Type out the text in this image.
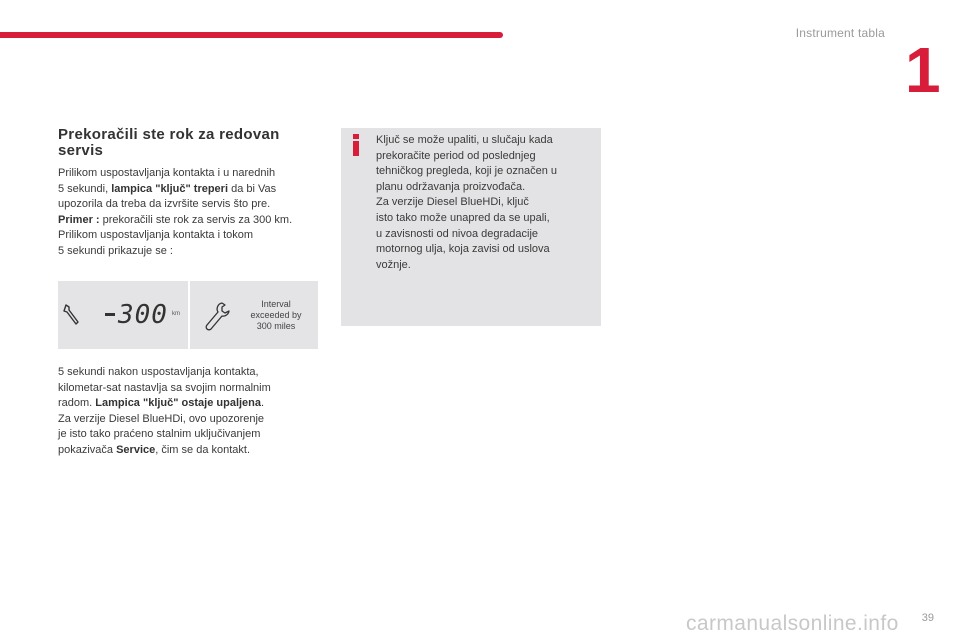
Instrument tabla
1
Prekoračili ste rok za redovan servis
Prilikom uspostavljanja kontakta i u narednih
5 sekundi, lampica "ključ" treperi da bi Vas
upozorila da treba da izvršite servis što pre.
Primer : prekoračili ste rok za servis za 300 km.
Prilikom uspostavljanja kontakta i tokom
5 sekundi prikazuje se :
300 km
Interval
exceeded by
300 miles
5 sekundi nakon uspostavljanja kontakta,
kilometar-sat nastavlja sa svojim normalnim
radom. Lampica "ključ" ostaje upaljena.
Za verzije Diesel BlueHDi, ovo upozorenje
je isto tako praćeno stalnim uključivanjem
pokazivača Service, čim se da kontakt.
Ključ se može upaliti, u slučaju kada
prekoračite period od poslednjeg
tehničkog pregleda, koji je označen u
planu održavanja proizvođača.
Za verzije Diesel BlueHDi, ključ
isto tako može unapred da se upali,
u zavisnosti od nivoa degradacije
motornog ulja, koja zavisi od uslova
vožnje.
carmanualsonline.info 39
